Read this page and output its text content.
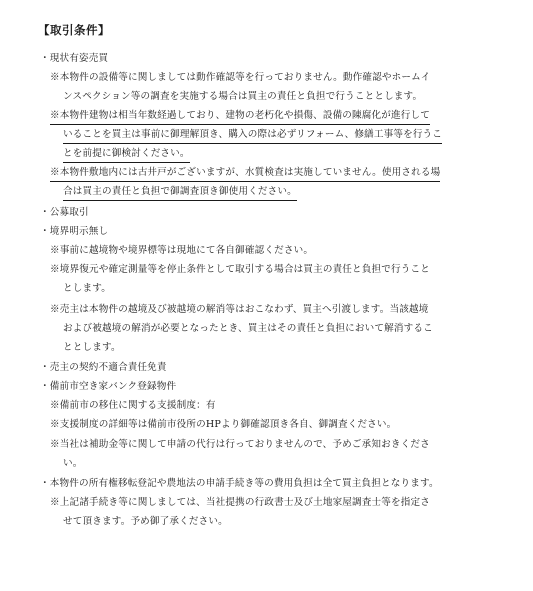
【取引条件】
・現状有姿売買
※本物件の設備等に関しましては動作確認等を行っておりません。動作確認やホームイ
ンスペクション等の調査を実施する場合は買主の責任と負担で行うこととします。
※本物件建物は相当年数経過しており、建物の老朽化や損傷、設備の陳腐化が進行して
いることを買主は事前に御理解頂き、購入の際は必ずリフォーム、修繕工事等を行うこ
とを前提に御検討ください。
※本物件敷地内には古井戸がございますが、水質検査は実施していません。使用される場
合は買主の責任と負担で御調査頂き御使用ください。
・公募取引
・境界明示無し
※事前に越境物や境界標等は現地にて各自御確認ください。
※境界復元や確定測量等を停止条件として取引する場合は買主の責任と負担で行うこと
とします。
※売主は本物件の越境及び被越境の解消等はおこなわず、買主へ引渡します。当該越境
および被越境の解消が必要となったとき、買主はその責任と負担において解消するこ
ととします。
・売主の契約不適合責任免責
・備前市空き家バンク登録物件
※備前市の移住に関する支援制度：有
※支援制度の詳細等は備前市役所のHPより御確認頂き各自、御調査ください。
※当社は補助金等に関して申請の代行は行っておりませんので、予めご承知おきくださ
い。
・本物件の所有権移転登記や農地法の申請手続き等の費用負担は全て買主負担となります。
※上記諸手続き等に関しましては、当社提携の行政書士及び土地家屋調査士等を指定さ
せて頂きます。予め御了承ください。
